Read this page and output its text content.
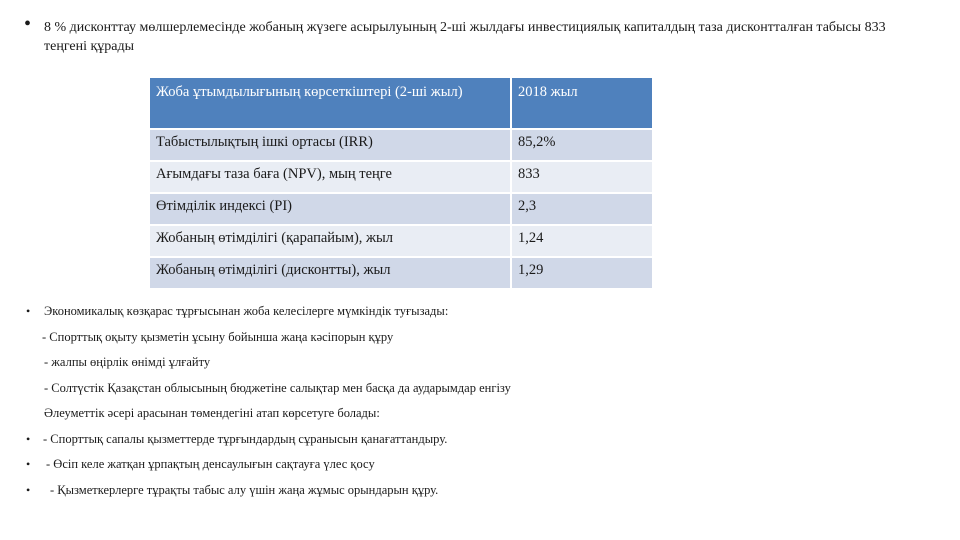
• 8 % дисконттау мөлшерлемесінде жобаның жүзеге асырылуының 2-ші жылдағы инвестициялық капиталдың таза дисконтталған табысы 833 теңгені құрады
Жоба ұтымдылығының көрсеткіштері (2-ші жыл)	2018 жыл
Табыстылықтың ішкі ортасы (IRR)	85,2%
Ағымдағы таза баға (NPV), мың теңге	833
Өтімділік индексі (PI)	2,3
Жобаның өтімділігі (қарапайым), жыл	1,24
Жобаның өтімділігі (дисконтты), жыл	1,29
• Экономикалық көзқарас тұрғысынан жоба келесілерге мүмкіндік туғызады:
- Спорттық оқыту қызметін ұсыну бойынша жаңа кәсіпорын құру
- жалпы өңірлік өнімді ұлғайту
- Солтүстік Қазақстан облысының бюджетіне салықтар мен басқа да аударымдар енгізу
Әлеуметтік әсері арасынан төмендегіні атап көрсетуге болады:
• - Спорттық сапалы қызметтерде тұрғындардың сұранысын қанағаттандыру.
• - Өсіп келе жатқан ұрпақтың денсаулығын сақтауға үлес қосу
• - Қызметкерлерге тұрақты табыс алу үшін жаңа жұмыс орындарын құру.
